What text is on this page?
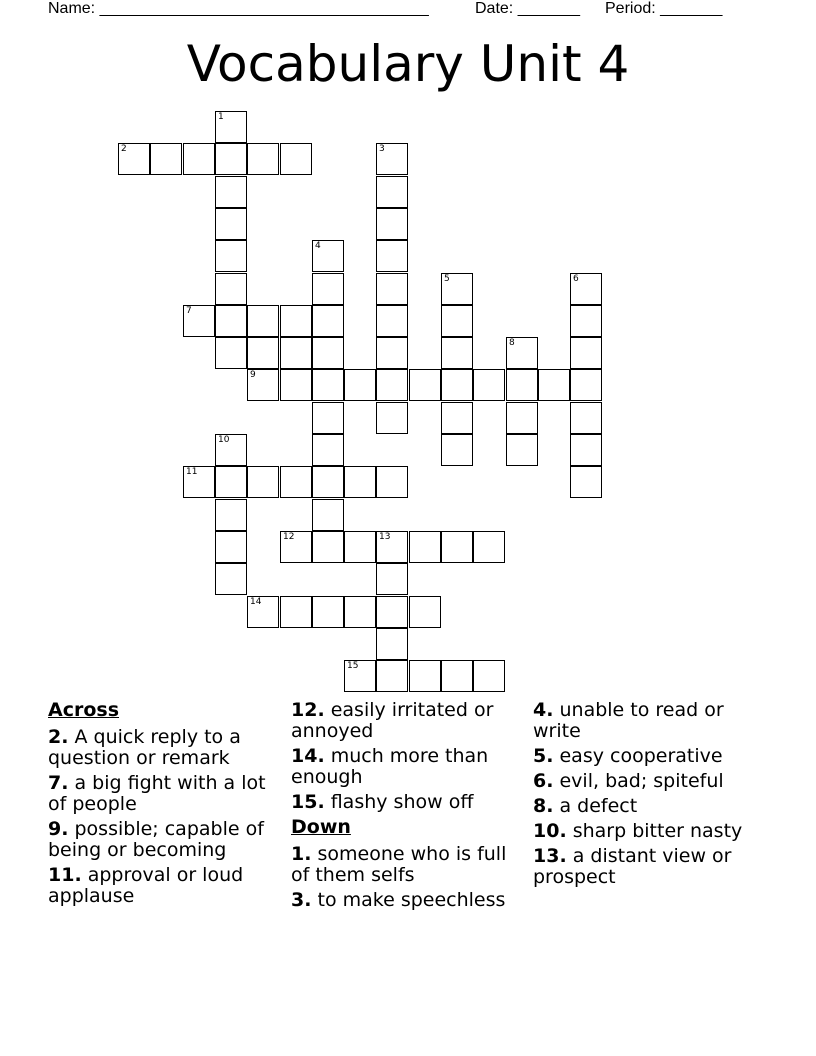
Name: _____________________________________	Date: _______ Period: _______
Vocabulary Unit 4
1
2	3
4
5	6
7
8
9
10
11
12	13
14
15
Across
2. A quick reply to a question or remark
7. a big fight with a lot of people
9. possible; capable of being or becoming
11. approval or loud applause
12. easily irritated or annoyed
14. much more than enough
15. flashy show off
Down
1. someone who is full of them selfs
3. to make speechless
4. unable to read or write
5. easy cooperative
6. evil, bad; spiteful
8. a defect
10. sharp bitter nasty
13. a distant view or prospect
